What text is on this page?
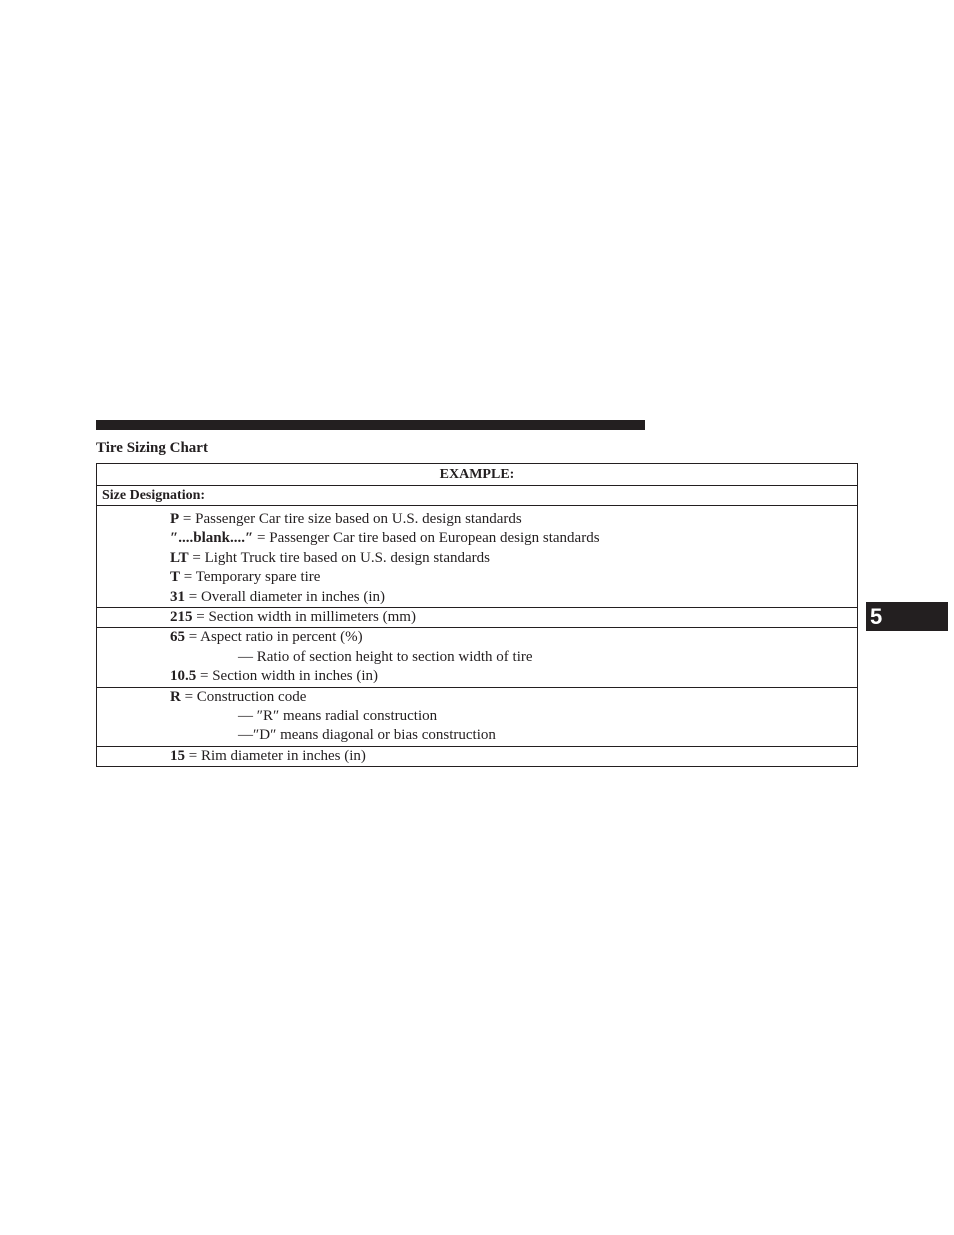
Tire Sizing Chart
EXAMPLE:
Size Designation:
P = Passenger Car tire size based on U.S. design standards
″....blank....″ = Passenger Car tire based on European design standards
LT = Light Truck tire based on U.S. design standards
T = Temporary spare tire
31 = Overall diameter in inches (in)
215 = Section width in millimeters (mm)
65 = Aspect ratio in percent (%)
— Ratio of section height to section width of tire
10.5 = Section width in inches (in)
R = Construction code
— ″R″ means radial construction
—″D″ means diagonal or bias construction
15 = Rim diameter in inches (in)
5
